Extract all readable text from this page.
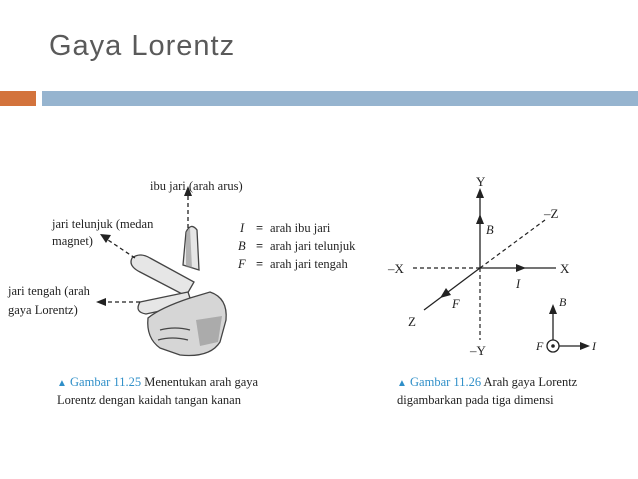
Gaya Lorentz
ibu jari (arah arus)
jari telunjuk (medan
magnet)
jari tengah (arah
gaya Lorentz)
I = arah ibu jari
B = arah jari telunjuk
F = arah jari tengah
▲ Gambar 11.25 Menentukan arah gaya
Lorentz dengan kaidah tangan kanan
Y
–Y
X
–X
Z
–Z
B
I
F	B
F	I
▲ Gambar 11.26 Arah gaya Lorentz
digambarkan pada tiga dimensi
